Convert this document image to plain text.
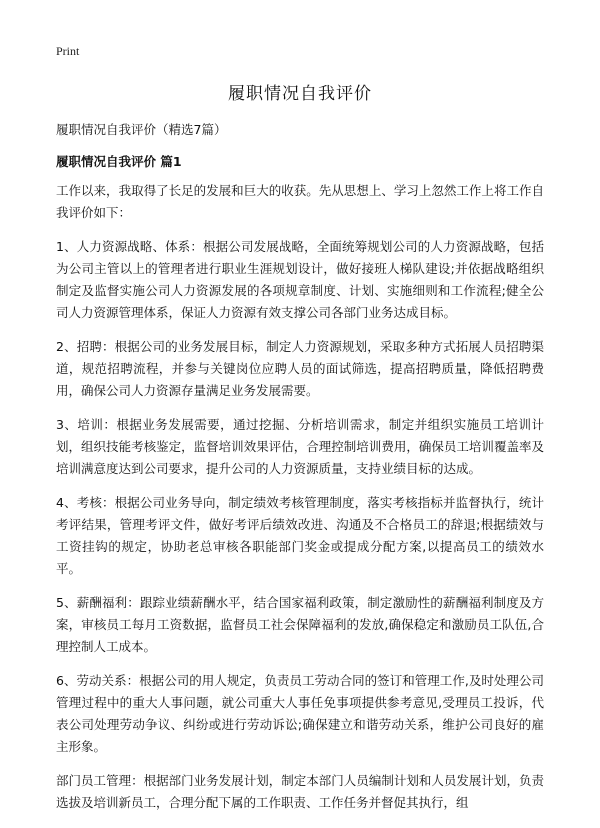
Print
履职情况自我评价
履职情况自我评价（精选7篇）
履职情况自我评价 篇1

工作以来，我取得了长足的发展和巨大的收获。先从思想上、学习上忽然工作上将工作自我评价如下：

1、人力资源战略、体系：根据公司发展战略，全面统筹规划公司的人力资源战略，包括为公司主管以上的管理者进行职业生涯规划设计，做好接班人梯队建设;并依据战略组织制定及监督实施公司人力资源发展的各项规章制度、计划、实施细则和工作流程;健全公司人力资源管理体系，保证人力资源有效支撑公司各部门业务达成目标。

2、招聘：根据公司的业务发展目标，制定人力资源规划，采取多种方式拓展人员招聘渠道，规范招聘流程，并参与关键岗位应聘人员的面试筛选，提高招聘质量，降低招聘费用，确保公司人力资源存量满足业务发展需要。

3、培训：根据业务发展需要，通过挖掘、分析培训需求，制定并组织实施员工培训计划，组织技能考核鉴定，监督培训效果评估，合理控制培训费用，确保员工培训覆盖率及培训满意度达到公司要求，提升公司的人力资源质量，支持业绩目标的达成。

4、考核：根据公司业务导向，制定绩效考核管理制度，落实考核指标并监督执行，统计考评结果，管理考评文件，做好考评后绩效改进、沟通及不合格员工的辞退;根据绩效与工资挂钩的规定，协助老总审核各职能部门奖金或提成分配方案,以提高员工的绩效水平。

5、薪酬福利：跟踪业绩薪酬水平，结合国家福利政策，制定激励性的薪酬福利制度及方案，审核员工每月工资数据，监督员工社会保障福利的发放,确保稳定和激励员工队伍,合理控制人工成本。

6、劳动关系：根据公司的用人规定，负责员工劳动合同的签订和管理工作,及时处理公司管理过程中的重大人事问题，就公司重大人事任免事项提供参考意见,受理员工投诉，代表公司处理劳动争议、纠纷或进行劳动诉讼;确保建立和谐劳动关系，维护公司良好的雇主形象。

部门员工管理：根据部门业务发展计划，制定本部门人员编制计划和人员发展计划，负责选拔及培训新员工，合理分配下属的工作职责、工作任务并督促其执行，组
